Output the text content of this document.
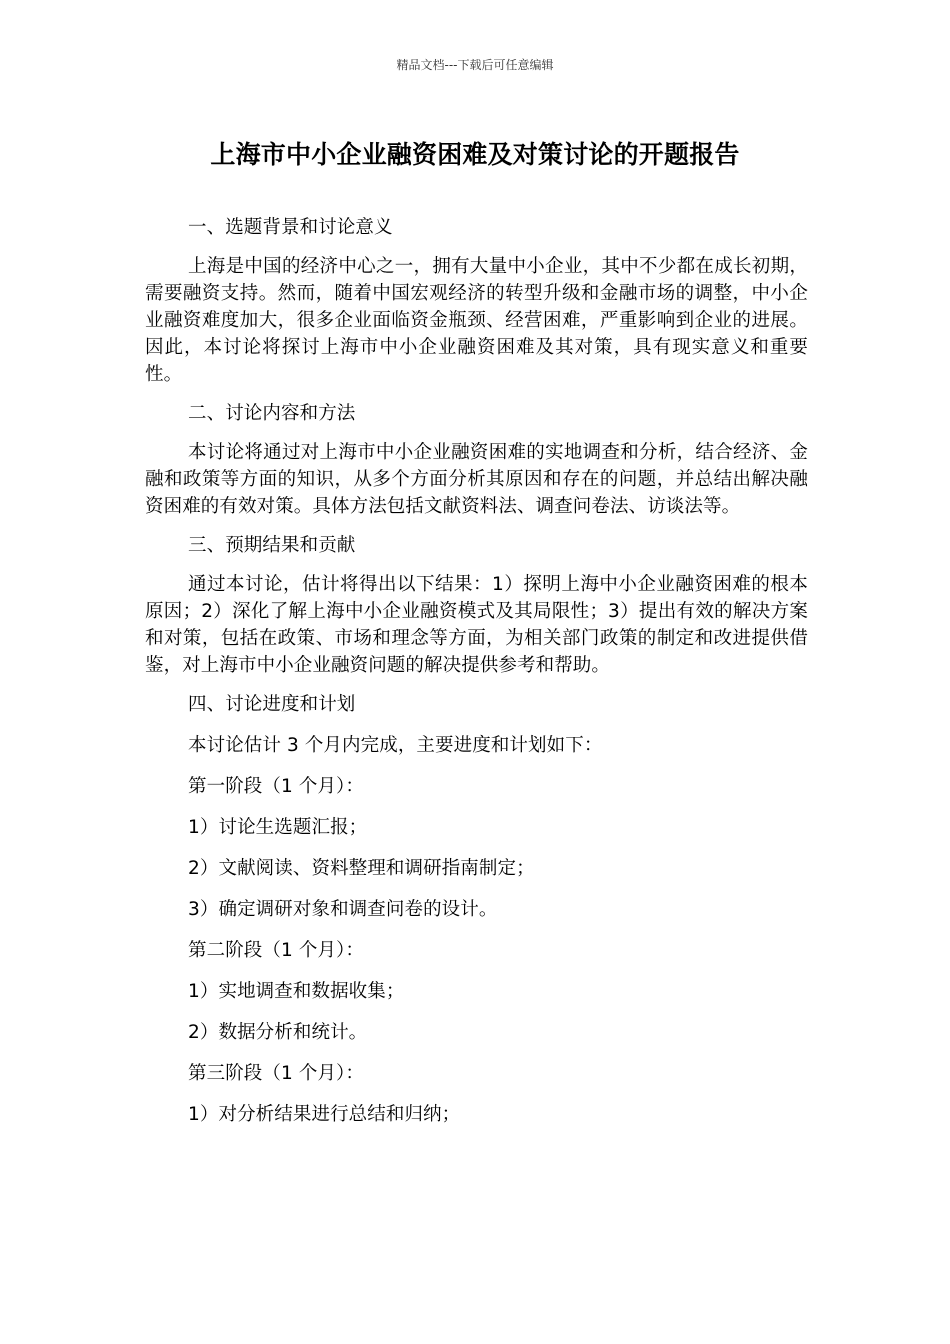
精品文档---下载后可任意编辑
上海市中小企业融资困难及对策讨论的开题报告

一、选题背景和讨论意义

上海是中国的经济中心之一，拥有大量中小企业，其中不少都在成长初期，需要融资支持。然而，随着中国宏观经济的转型升级和金融市场的调整，中小企业融资难度加大，很多企业面临资金瓶颈、经营困难，严重影响到企业的进展。因此，本讨论将探讨上海市中小企业融资困难及其对策，具有现实意义和重要性。

二、讨论内容和方法

本讨论将通过对上海市中小企业融资困难的实地调查和分析，结合经济、金融和政策等方面的知识，从多个方面分析其原因和存在的问题，并总结出解决融资困难的有效对策。具体方法包括文献资料法、调查问卷法、访谈法等。

三、预期结果和贡献

通过本讨论，估计将得出以下结果：1）探明上海中小企业融资困难的根本原因；2）深化了解上海中小企业融资模式及其局限性；3）提出有效的解决方案和对策，包括在政策、市场和理念等方面，为相关部门政策的制定和改进提供借鉴，对上海市中小企业融资问题的解决提供参考和帮助。

四、讨论进度和计划

本讨论估计 3 个月内完成，主要进度和计划如下：

第一阶段（1 个月）：

1）讨论生选题汇报；

2）文献阅读、资料整理和调研指南制定；

3）确定调研对象和调查问卷的设计。

第二阶段（1 个月）：

1）实地调查和数据收集；

2）数据分析和统计。

第三阶段（1 个月）：

1）对分析结果进行总结和归纳；
